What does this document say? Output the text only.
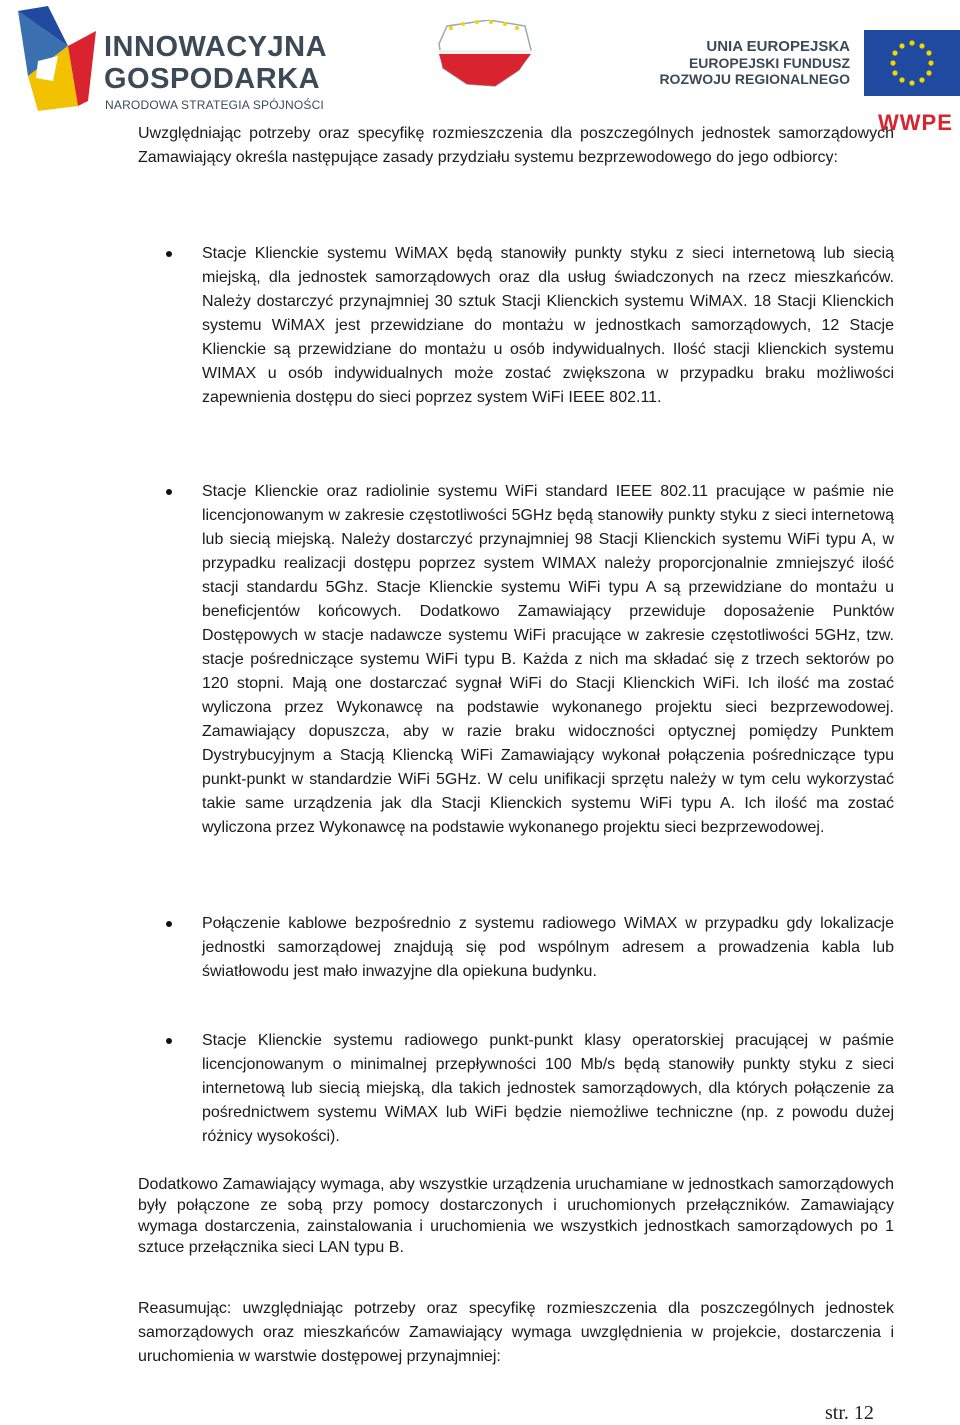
INNOWACYJNA
GOSPODARKA
NARODOWA STRATEGIA SPÓJNOŚCI
WWPE
UNIA EUROPEJSKA
EUROPEJSKI FUNDUSZ
ROZWOJU REGIONALNEGO

Uwzględniając potrzeby oraz specyfikę rozmieszczenia dla poszczególnych jednostek samorządowych Zamawiający określa następujące zasady przydziału systemu bezprzewodowego do jego odbiorcy:

Stacje Klienckie systemu WiMAX będą stanowiły punkty styku z sieci internetową lub siecią miejską, dla jednostek samorządowych oraz dla usług świadczonych na rzecz mieszkańców. Należy dostarczyć przynajmniej 30 sztuk Stacji Klienckich systemu WiMAX. 18 Stacji Klienckich systemu WiMAX jest przewidziane do montażu w jednostkach samorządowych, 12 Stacje Klienckie są przewidziane do montażu u osób indywidualnych. Ilość stacji klienckich systemu WIMAX u osób indywidualnych może zostać zwiększona w przypadku braku możliwości zapewnienia dostępu do sieci poprzez system WiFi IEEE 802.11.
Stacje Klienckie oraz radiolinie systemu WiFi standard IEEE 802.11 pracujące w paśmie nie licencjonowanym w zakresie częstotliwości 5GHz będą stanowiły punkty styku z sieci internetową lub siecią miejską. Należy dostarczyć przynajmniej 98 Stacji Klienckich systemu WiFi typu A, w przypadku realizacji dostępu poprzez system WIMAX należy proporcjonalnie zmniejszyć ilość stacji standardu 5Ghz. Stacje Klienckie systemu WiFi typu A są przewidziane do montażu u beneficjentów końcowych. Dodatkowo Zamawiający przewiduje doposażenie Punktów Dostępowych w stacje nadawcze systemu WiFi pracujące w zakresie częstotliwości 5GHz, tzw. stacje pośredniczące systemu WiFi typu B. Każda z nich ma składać się z trzech sektorów po 120 stopni. Mają one dostarczać sygnał WiFi do Stacji Klienckich WiFi. Ich ilość ma zostać wyliczona przez Wykonawcę na podstawie wykonanego projektu sieci bezprzewodowej. Zamawiający dopuszcza, aby w razie braku widoczności optycznej pomiędzy Punktem Dystrybucyjnym a Stacją Kliencką WiFi Zamawiający wykonał połączenia pośredniczące typu punkt-punkt w standardzie WiFi 5GHz. W celu unifikacji sprzętu należy w tym celu wykorzystać takie same urządzenia jak dla Stacji Klienckich systemu WiFi typu A. Ich ilość ma zostać wyliczona przez Wykonawcę na podstawie wykonanego projektu sieci bezprzewodowej.
Połączenie kablowe bezpośrednio z systemu radiowego WiMAX w przypadku gdy lokalizacje jednostki samorządowej znajdują się pod wspólnym adresem a prowadzenia kabla lub światłowodu jest mało inwazyjne dla opiekuna budynku.
Stacje Klienckie systemu radiowego punkt-punkt klasy operatorskiej pracującej w paśmie licencjonowanym o minimalnej przepływności 100 Mb/s będą stanowiły punkty styku z sieci internetową lub siecią miejską, dla takich jednostek samorządowych, dla których połączenie za pośrednictwem systemu WiMAX lub WiFi będzie niemożliwe techniczne (np. z powodu dużej różnicy wysokości).

Dodatkowo Zamawiający wymaga, aby wszystkie urządzenia uruchamiane w jednostkach samorządowych były połączone ze sobą przy pomocy dostarczonych i uruchomionych przełączników. Zamawiający wymaga dostarczenia, zainstalowania i uruchomienia we wszystkich jednostkach samorządowych po 1 sztuce przełącznika sieci LAN typu B.

Reasumując: uwzględniając potrzeby oraz specyfikę rozmieszczenia dla poszczególnych jednostek samorządowych oraz mieszkańców Zamawiający wymaga uwzględnienia w projekcie, dostarczenia i uruchomienia w warstwie dostępowej przynajmniej:

str. 12
